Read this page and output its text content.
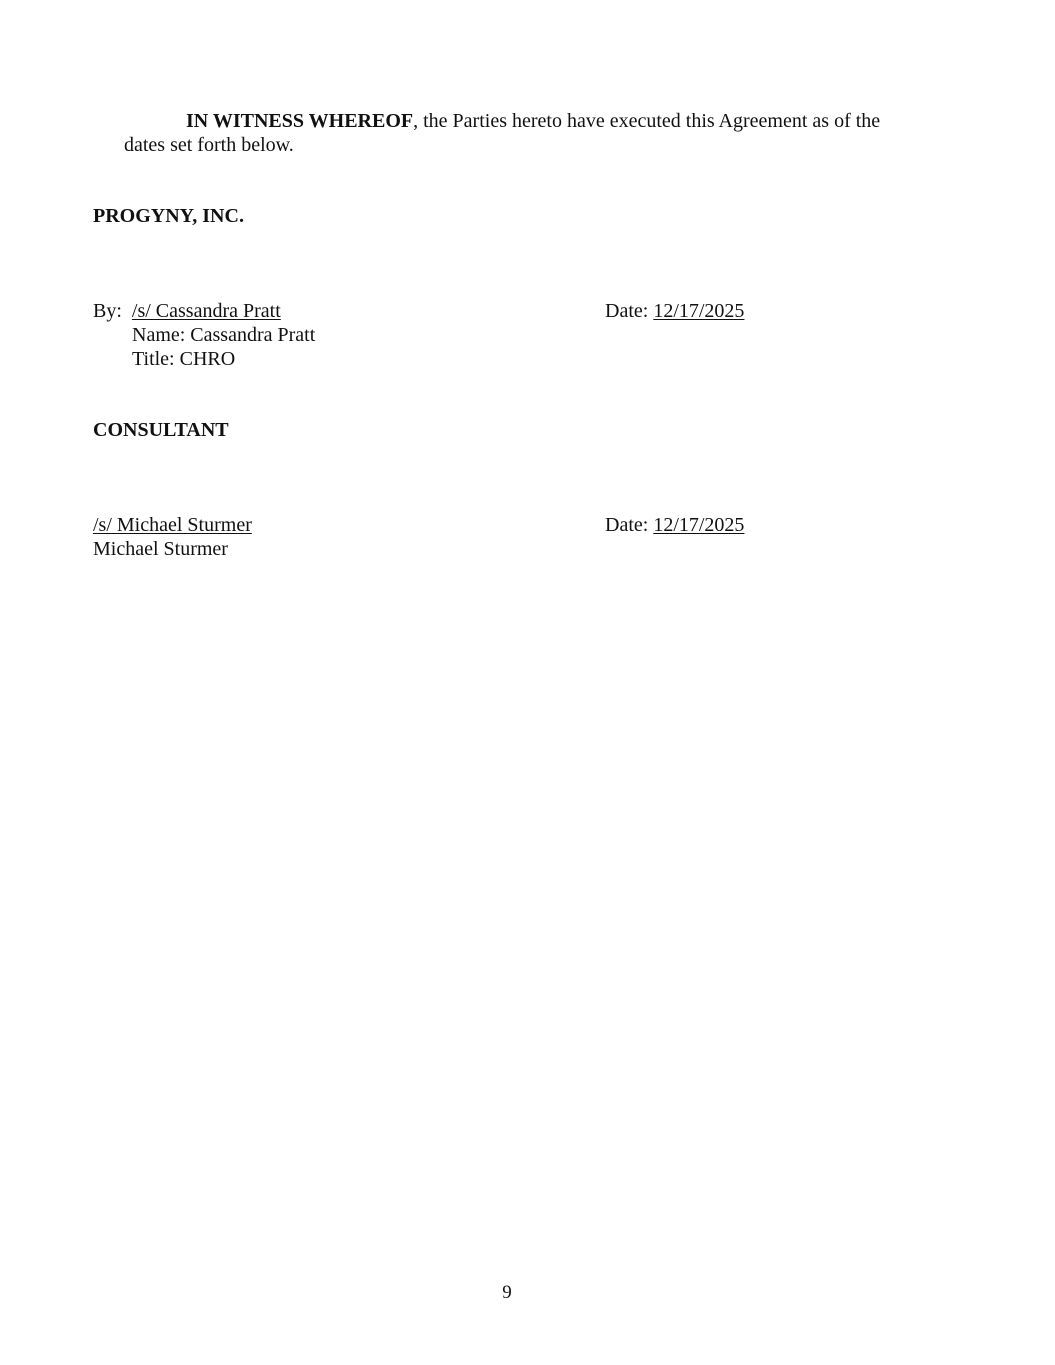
IN WITNESS WHEREOF, the Parties hereto have executed this Agreement as of the
dates set forth below.
PROGYNY, INC.
By: /s/ Cassandra Pratt
Name: Cassandra Pratt
Title: CHRO
Date: 12/17/2025
CONSULTANT
/s/ Michael Sturmer
Michael Sturmer
Date: 12/17/2025
9
